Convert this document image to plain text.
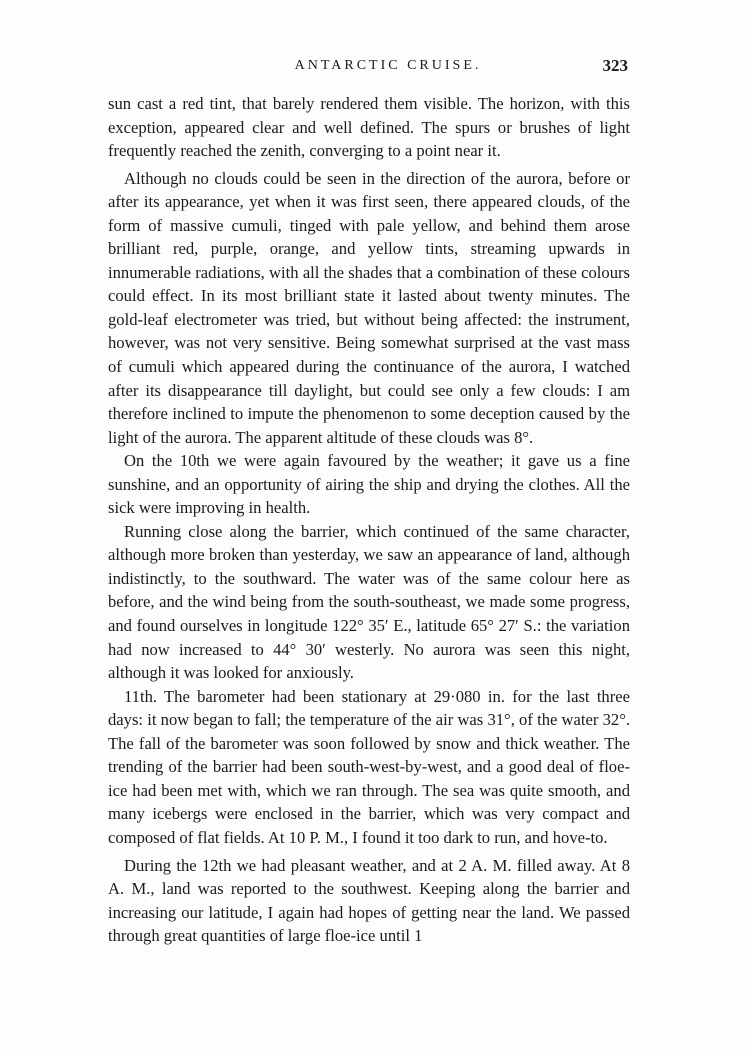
ANTARCTIC CRUISE.	323

sun cast a red tint, that barely rendered them visible. The horizon, with this exception, appeared clear and well defined. The spurs or brushes of light frequently reached the zenith, converging to a point near it.

Although no clouds could be seen in the direction of the aurora, before or after its appearance, yet when it was first seen, there appeared clouds, of the form of massive cumuli, tinged with pale yellow, and behind them arose brilliant red, purple, orange, and yellow tints, streaming upwards in innumerable radiations, with all the shades that a combination of these colours could effect. In its most brilliant state it lasted about twenty minutes. The gold-leaf electrometer was tried, but without being affected: the instrument, however, was not very sensitive. Being somewhat surprised at the vast mass of cumuli which appeared during the continuance of the aurora, I watched after its disappearance till daylight, but could see only a few clouds: I am therefore inclined to impute the phenomenon to some deception caused by the light of the aurora. The apparent altitude of these clouds was 8°.

On the 10th we were again favoured by the weather; it gave us a fine sunshine, and an opportunity of airing the ship and drying the clothes. All the sick were improving in health.

Running close along the barrier, which continued of the same character, although more broken than yesterday, we saw an appearance of land, although indistinctly, to the southward. The water was of the same colour here as before, and the wind being from the south-southeast, we made some progress, and found ourselves in longitude 122° 35′ E., latitude 65° 27′ S.: the variation had now increased to 44° 30′ westerly. No aurora was seen this night, although it was looked for anxiously.

11th. The barometer had been stationary at 29·080 in. for the last three days: it now began to fall; the temperature of the air was 31°, of the water 32°. The fall of the barometer was soon followed by snow and thick weather. The trending of the barrier had been south-west-by-west, and a good deal of floe-ice had been met with, which we ran through. The sea was quite smooth, and many icebergs were enclosed in the barrier, which was very compact and composed of flat fields. At 10 P. M., I found it too dark to run, and hove-to.

During the 12th we had pleasant weather, and at 2 A. M. filled away. At 8 A. M., land was reported to the southwest. Keeping along the barrier and increasing our latitude, I again had hopes of getting near the land. We passed through great quantities of large floe-ice until 1
